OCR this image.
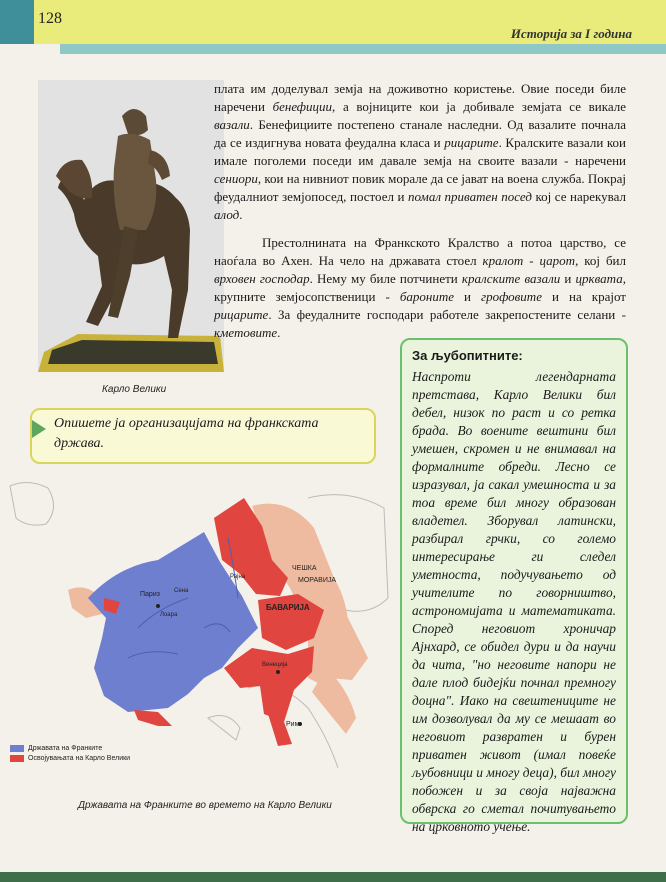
128
Историја за I година
Карло Велики

плата им доделувал земја на доживотно користење. Овие поседи биле наречени бенефиции, а војниците кои ја добивале земјата се викале вазали. Бенефициите постепено станале наследни. Од вазалите почнала да се издигнува новата феудална класа и рицарите. Кралските вазали кои имале поголеми поседи им давале земја на своите вазали - наречени сениори, кои на нивниот повик морале да се јават на воена служба. Покрај феудалниот земјопосед, постоел и помал приватен посед кој се нарекувал алод.

Престолнината на Франкското Кралство а потоа царство, се наоѓала во Ахен. На чело на државата стоел кралот - царот, кој бил врховен господар. Нему му биле потчинети кралските вазали и црквата, крупните земјосопственици - бароните и грофовите и на крајот рицарите. За феудалните господари работеле закрепостените селани - кметовите.

Опишете ја организацијата на франкската држава.

За љубопитните:

Наспроти легендарната претстава, Карло Велики бил дебел, низок по раст и со ретка брада. Во воените вештини бил умешен, скромен и не внимавал на формалните обреди. Лесно се изразувал, ја сакал умешноста и за тоа време бил многу образован владетел. Зборувал латински, разбирал грчки, со големо интересирање ги следел уметноста, подучувањето од учителите по говорништво, астрономијата и математиката. Според неговиот хроничар Ајнхард, се обидел дури и да научи да чита, "но неговите напори не дале плод бидејќи почнал премногу доцна". Иако на свештениците не им дозволувал да му се мешаат во неговиот развратен и бурен приватен живот (имал повеќе љубовници и многу деца), бил многу побожен и за своја најважна обврска го сметал почитувањето на црковното учење.

Париз
БАВАРИЈА
ЧЕШКА
МОРАВИЈА
Рим
Венеција
Сена
Лоара
Рајна
Државата на Франките
Освојувањата на Карло Велики
Државата на Франките во времето на Карло Велики
